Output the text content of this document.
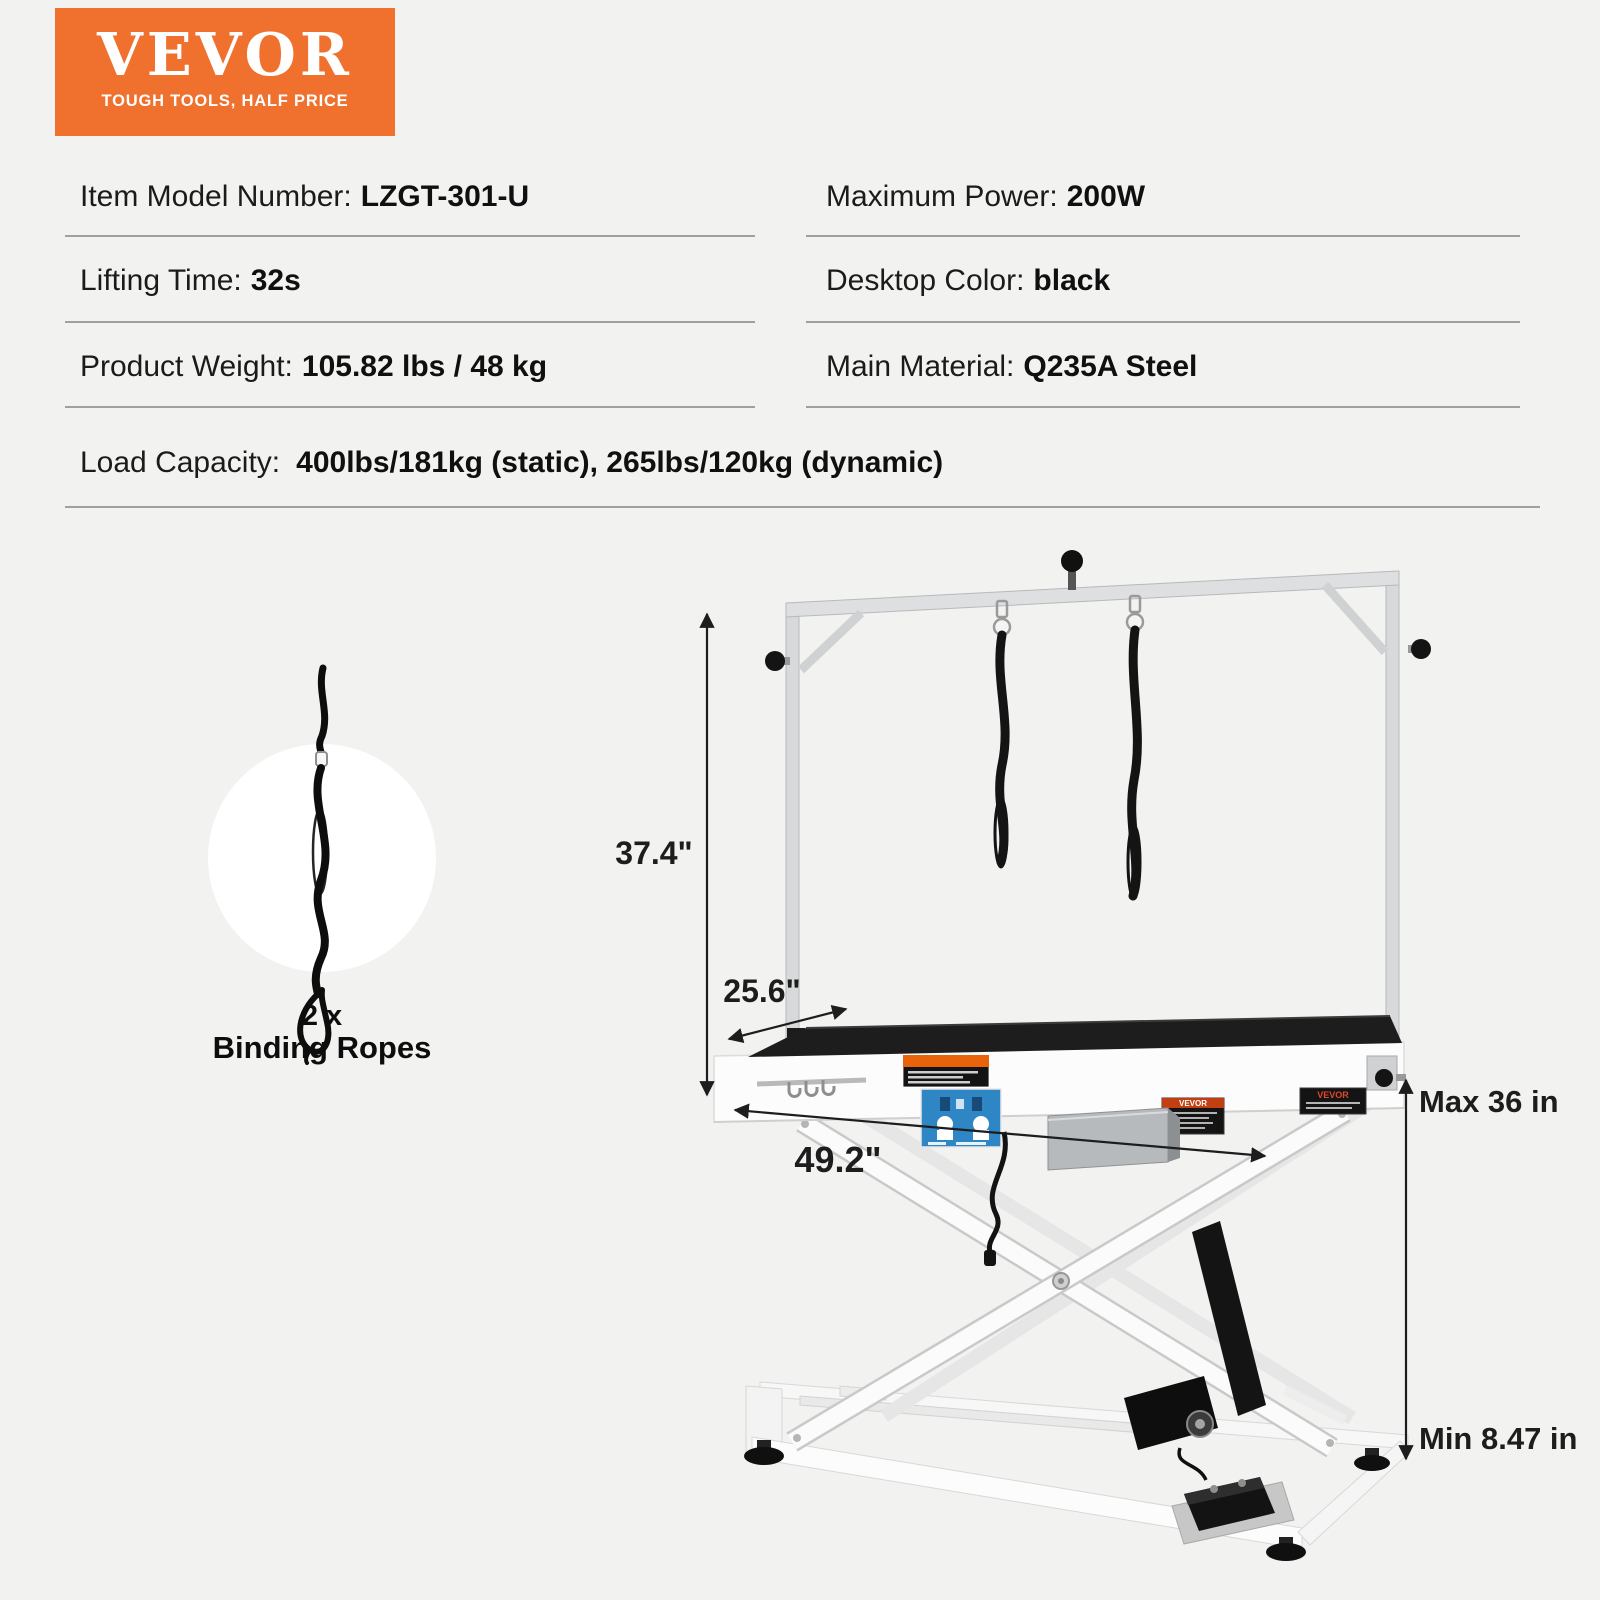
VEVOR
TOUGH TOOLS, HALF PRICE
Item Model Number: LZGT-301-U	Maximum Power: 200W
Lifting Time: 32s	Desktop Color: black
Product Weight: 105.82 lbs / 48 kg	Main Material: Q235A Steel
Load Capacity: 400lbs/181kg (static), 265lbs/120kg (dynamic)
2 x
Binding Ropes
VEVOR
VEVOR
37.4"
25.6"
49.2"
Max 36 in
Min 8.47 in
